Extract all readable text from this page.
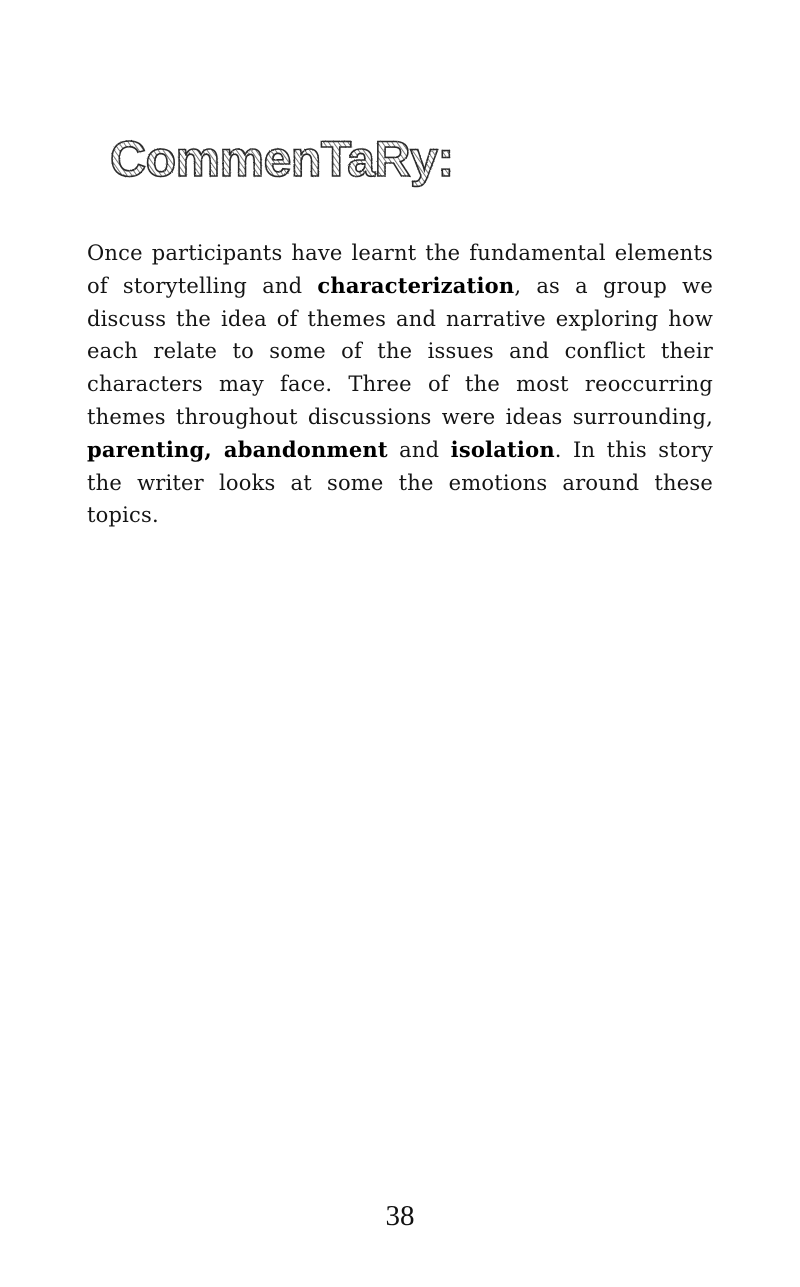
CommenTaRy:

Once participants have learnt the fundamental elements of storytelling and characterization, as a group we discuss the idea of themes and narrative exploring how each relate to some of the issues and conflict their characters may face. Three of the most reoccurring themes throughout discussions were ideas surrounding, parenting, abandonment and isolation. In this story the writer looks at some the emotions around these topics.

38
